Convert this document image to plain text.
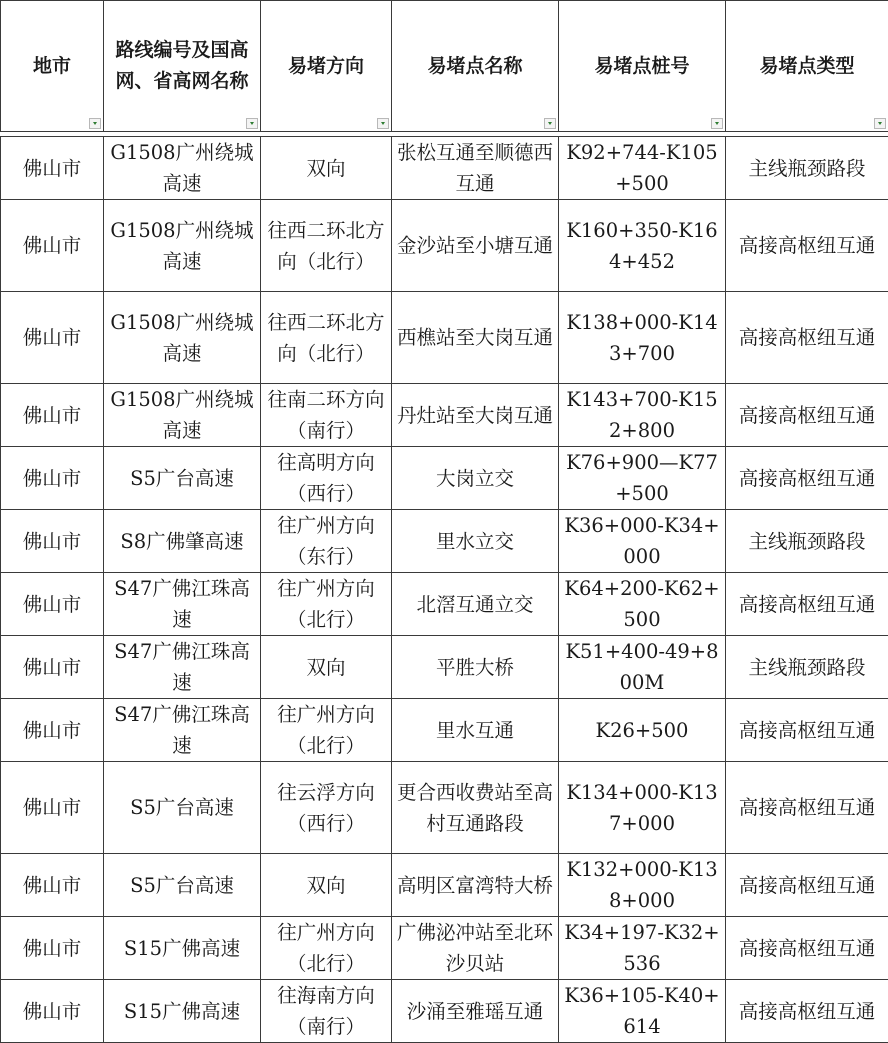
地市	路线编号及国高网、省高网名称	易堵方向	易堵点名称	易堵点桩号	易堵点类型

佛山市	G1508广州绕城高速	双向	张松互通至顺德西互通	K92+744-K105+500	主线瓶颈路段
佛山市	G1508广州绕城高速	往西二环北方向（北行）	金沙站至小塘互通	K160+350-K164+452	高接高枢纽互通
佛山市	G1508广州绕城高速	往西二环北方向（北行）	西樵站至大岗互通	K138+000-K143+700	高接高枢纽互通
佛山市	G1508广州绕城高速	往南二环方向（南行）	丹灶站至大岗互通	K143+700-K152+800	高接高枢纽互通
佛山市	S5广台高速	往高明方向（西行）	大岗立交	K76+900—K77+500	高接高枢纽互通
佛山市	S8广佛肇高速	往广州方向（东行）	里水立交	K36+000-K34+000	主线瓶颈路段
佛山市	S47广佛江珠高速	往广州方向（北行）	北滘互通立交	K64+200-K62+500	高接高枢纽互通
佛山市	S47广佛江珠高速	双向	平胜大桥	K51+400-49+800M	主线瓶颈路段
佛山市	S47广佛江珠高速	往广州方向（北行）	里水互通	K26+500	高接高枢纽互通
佛山市	S5广台高速	往云浮方向（西行）	更合西收费站至高村互通路段	K134+000-K137+000	高接高枢纽互通
佛山市	S5广台高速	双向	高明区富湾特大桥	K132+000-K138+000	高接高枢纽互通
佛山市	S15广佛高速	往广州方向（北行）	广佛泌冲站至北环沙贝站	K34+197-K32+536	高接高枢纽互通
佛山市	S15广佛高速	往海南方向（南行）	沙涌至雅瑶互通	K36+105-K40+614	高接高枢纽互通
